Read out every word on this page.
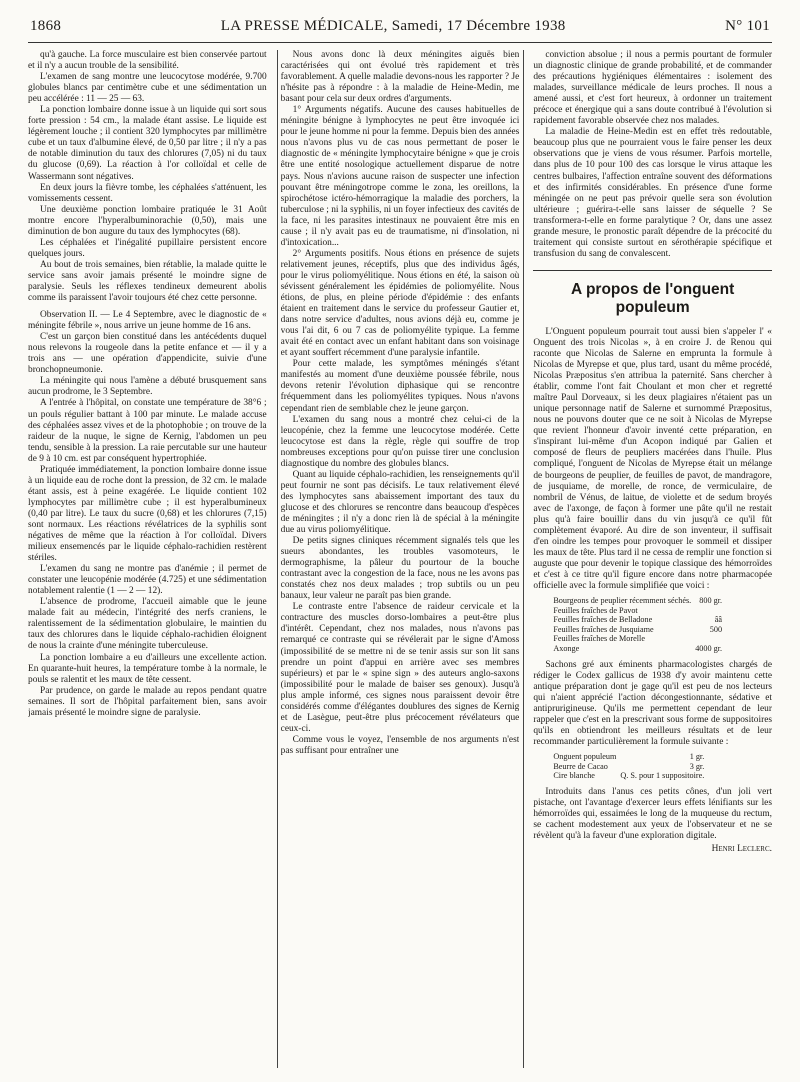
1868	LA PRESSE MÉDICALE, Samedi, 17 Décembre 1938	N° 101

qu'à gauche. La force musculaire est bien conservée partout et il n'y a aucun trouble de la sensibilité.

L'examen de sang montre une leucocytose modérée, 9.700 globules blancs par centimètre cube et une sédimentation un peu accélérée : 11 — 25 — 63.

La ponction lombaire donne issue à un liquide qui sort sous forte pression : 54 cm., la malade étant assise. Le liquide est légèrement louche ; il contient 320 lymphocytes par millimètre cube et un taux d'albumine élevé, de 0,50 par litre ; il n'y a pas de notable diminution du taux des chlorures (7,05) ni du taux du glucose (0,69). La réaction à l'or colloïdal et celle de Wassermann sont négatives.

En deux jours la fièvre tombe, les céphalées s'atténuent, les vomissements cessent.

Une deuxième ponction lombaire pratiquée le 31 Août montre encore l'hyperalbuminorachie (0,50), mais une diminution de bon augure du taux des lymphocytes (68).

Les céphalées et l'inégalité pupillaire persistent encore quelques jours.

Au bout de trois semaines, bien rétablie, la malade quitte le service sans avoir jamais présenté le moindre signe de paralysie. Seuls les réflexes tendineux demeurent abolis comme ils paraissent l'avoir toujours été chez cette personne.

Observation II. — Le 4 Septembre, avec le diagnostic de « méningite fébrile », nous arrive un jeune homme de 16 ans.

C'est un garçon bien constitué dans les antécédents duquel nous relevons la rougeole dans la petite enfance et — il y a trois ans — une opération d'appendicite, suivie d'une bronchopneumonie.

La méningite qui nous l'amène a débuté brusquement sans aucun prodrome, le 3 Septembre.

A l'entrée à l'hôpital, on constate une température de 38°6 ; un pouls régulier battant à 100 par minute. Le malade accuse des céphalées assez vives et de la photophobie ; on trouve de la raideur de la nuque, le signe de Kernig, l'abdomen un peu tendu, sensible à la pression. La raie percutable sur une hauteur de 9 à 10 cm. est par conséquent hypertrophiée.

Pratiquée immédiatement, la ponction lombaire donne issue à un liquide eau de roche dont la pression, de 32 cm. le malade étant assis, est à peine exagérée. Le liquide contient 102 lymphocytes par millimètre cube ; il est hyperalbumineux (0,40 par litre). Le taux du sucre (0,68) et les chlorures (7,15) sont normaux. Les réactions révélatrices de la syphilis sont négatives de même que la réaction à l'or colloïdal. Divers milieux ensemencés par le liquide céphalo-rachidien restèrent stériles.

L'examen du sang ne montre pas d'anémie ; il permet de constater une leucopénie modérée (4.725) et une sédimentation notablement ralentie (1 — 2 — 12).

L'absence de prodrome, l'accueil aimable que le jeune malade fait au médecin, l'intégrité des nerfs craniens, le ralentissement de la sédimentation globulaire, le maintien du taux des chlorures dans le liquide céphalo-rachidien éloignent de nous la crainte d'une méningite tuberculeuse.

La ponction lombaire a eu d'ailleurs une excellente action. En quarante-huit heures, la température tombe à la normale, le pouls se ralentit et les maux de tête cessent.

Par prudence, on garde le malade au repos pendant quatre semaines. Il sort de l'hôpital parfaitement bien, sans avoir jamais présenté le moindre signe de paralysie.

Nous avons donc là deux méningites aiguës bien caractérisées qui ont évolué très rapidement et très favorablement. A quelle maladie devons-nous les rapporter ? Je n'hésite pas à répondre : à la maladie de Heine-Medin, me basant pour cela sur deux ordres d'arguments.

1° Arguments négatifs. Aucune des causes habituelles de méningite bénigne à lymphocytes ne peut être invoquée ici pour le jeune homme ni pour la femme. Depuis bien des années nous n'avons plus vu de cas nous permettant de poser le diagnostic de « méningite lymphocytaire bénigne » que je crois être une entité nosologique actuellement disparue de notre pays. Nous n'avions aucune raison de suspecter une infection pouvant être méningotrope comme le zona, les oreillons, la spirochétose ictéro-hémorragique la maladie des porchers, la tuberculose ; ni la syphilis, ni un foyer infectieux des cavités de la face, ni les parasites intestinaux ne pouvaient être mis en cause ; il n'y avait pas eu de traumatisme, ni d'insolation, ni d'intoxication...

2° Arguments positifs. Nous étions en présence de sujets relativement jeunes, réceptifs, plus que des individus âgés, pour le virus poliomyélitique. Nous étions en été, la saison où sévissent généralement les épidémies de poliomyélite. Nous étions, de plus, en pleine période d'épidémie : des enfants étaient en traitement dans le service du professeur Gautier et, dans notre service d'adultes, nous avions déjà eu, comme je vous l'ai dit, 6 ou 7 cas de poliomyélite typique. La femme avait été en contact avec un enfant habitant dans son voisinage et ayant souffert récemment d'une paralysie infantile.

Pour cette malade, les symptômes méningés s'étant manifestés au moment d'une deuxième poussée fébrile, nous devons retenir l'évolution diphasique qui se rencontre fréquemment dans les poliomyélites typiques. Nous n'avons cependant rien de semblable chez le jeune garçon.

L'examen du sang nous a montré chez celui-ci de la leucopénie, chez la femme une leucocytose modérée. Cette leucocytose est dans la règle, règle qui souffre de trop nombreuses exceptions pour qu'on puisse tirer une conclusion diagnostique du nombre des globules blancs.

Quant au liquide céphalo-rachidien, les renseignements qu'il peut fournir ne sont pas décisifs. Le taux relativement élevé des lymphocytes sans abaissement important des taux du glucose et des chlorures se rencontre dans beaucoup d'espèces de méningites ; il n'y a donc rien là de spécial à la méningite due au virus poliomyélitique.

De petits signes cliniques récemment signalés tels que les sueurs abondantes, les troubles vasomoteurs, le dermographisme, la pâleur du pourtour de la bouche contrastant avec la congestion de la face, nous ne les avons pas constatés chez nos deux malades ; trop subtils ou un peu banaux, leur valeur ne paraît pas bien grande.

Le contraste entre l'absence de raideur cervicale et la contracture des muscles dorso-lombaires a peut-être plus d'intérêt. Cependant, chez nos malades, nous n'avons pas remarqué ce contraste qui se révélerait par le signe d'Amoss (impossibilité de se mettre ni de se tenir assis sur son lit sans prendre un point d'appui en arrière avec ses membres supérieurs) et par le « spine sign » des auteurs anglo-saxons (impossibilité pour le malade de baiser ses genoux). Jusqu'à plus ample informé, ces signes nous paraissent devoir être considérés comme d'élégantes doublures des signes de Kernig et de Lasègue, peut-être plus précocement révélateurs que ceux-ci.

Comme vous le voyez, l'ensemble de nos arguments n'est pas suffisant pour entraîner une

conviction absolue ; il nous a permis pourtant de formuler un diagnostic clinique de grande probabilité, et de commander des précautions hygiéniques élémentaires : isolement des malades, surveillance médicale de leurs proches. Il nous a amené aussi, et c'est fort heureux, à ordonner un traitement précoce et énergique qui a sans doute contribué à l'évolution si rapidement favorable observée chez nos malades.

La maladie de Heine-Medin est en effet très redoutable, beaucoup plus que ne pourraient vous le faire penser les deux observations que je viens de vous résumer. Parfois mortelle, dans plus de 10 pour 100 des cas lorsque le virus attaque les centres bulbaires, l'affection entraîne souvent des déformations et des infirmités considérables. En présence d'une forme méningée on ne peut pas prévoir quelle sera son évolution ultérieure ; guérira-t-elle sans laisser de séquelle ? Se transformera-t-elle en forme paralytique ? Or, dans une assez grande mesure, le pronostic paraît dépendre de la précocité du traitement qui consiste surtout en sérothérapie spécifique et transfusion du sang de convalescent.

A propos de l'onguent populeum

L'Onguent populeum pourrait tout aussi bien s'appeler l' « Onguent des trois Nicolas », à en croire J. de Renou qui raconte que Nicolas de Salerne en emprunta la formule à Nicolas de Myrepse et que, plus tard, usant du même procédé, Nicolas Præpositus s'en attribua la paternité. Sans chercher à établir, comme l'ont fait Choulant et mon cher et regretté maître Paul Dorveaux, si les deux plagiaires n'étaient pas un unique personnage natif de Salerne et surnommé Præpositus, nous ne pouvons douter que ce ne soit à Nicolas de Myrepse que revient l'honneur d'avoir inventé cette préparation, en s'inspirant lui-même d'un Acopon indiqué par Galien et composé de fleurs de peupliers macérées dans l'huile. Plus compliqué, l'onguent de Nicolas de Myrepse était un mélange de bourgeons de peuplier, de feuilles de pavot, de mandragore, de jusquiame, de morelle, de ronce, de vermiculaire, de nombril de Vénus, de laitue, de violette et de sedum broyés avec de l'axonge, de façon à former une pâte qu'il ne restait plus qu'à faire bouillir dans du vin jusqu'à ce qu'il fût complètement évaporé. Au dire de son inventeur, il suffisait d'en oindre les tempes pour provoquer le sommeil et dissiper les maux de tête. Plus tard il ne cessa de remplir une fonction si auguste que pour devenir le topique classique des hémorroïdes et c'est à ce titre qu'il figure encore dans notre pharmacopée officielle avec la formule simplifiée que voici :

Bourgeons de peuplier récemment séchés.	800 gr.
Feuilles fraîches de Pavot	
Feuilles fraîches de Belladone	ââ
Feuilles fraîches de Jusquiame	500
Feuilles fraîches de Morelle	
Axonge	4000 gr.

Sachons gré aux éminents pharmacologistes chargés de rédiger le Codex gallicus de 1938 d'y avoir maintenu cette antique préparation dont je gage qu'il est peu de nos lecteurs qui n'aient apprécié l'action décongestionnante, sédative et antiprurigineuse. Qu'ils me permettent cependant de leur rappeler que c'est en la prescrivant sous forme de suppositoires qu'ils en obtiendront les meilleurs résultats et de leur recommander particulièrement la formule suivante :

Onguent populeum	1 gr.
Beurre de Cacao	3 gr.
Cire blanche	Q. S. pour 1 suppositoire.

Introduits dans l'anus ces petits cônes, d'un joli vert pistache, ont l'avantage d'exercer leurs effets lénifiants sur les hémorroïdes qui, essaimées le long de la muqueuse du rectum, se cachent modestement aux yeux de l'observateur et ne se révèlent qu'à la faveur d'une exploration digitale.

Henri Leclerc.
